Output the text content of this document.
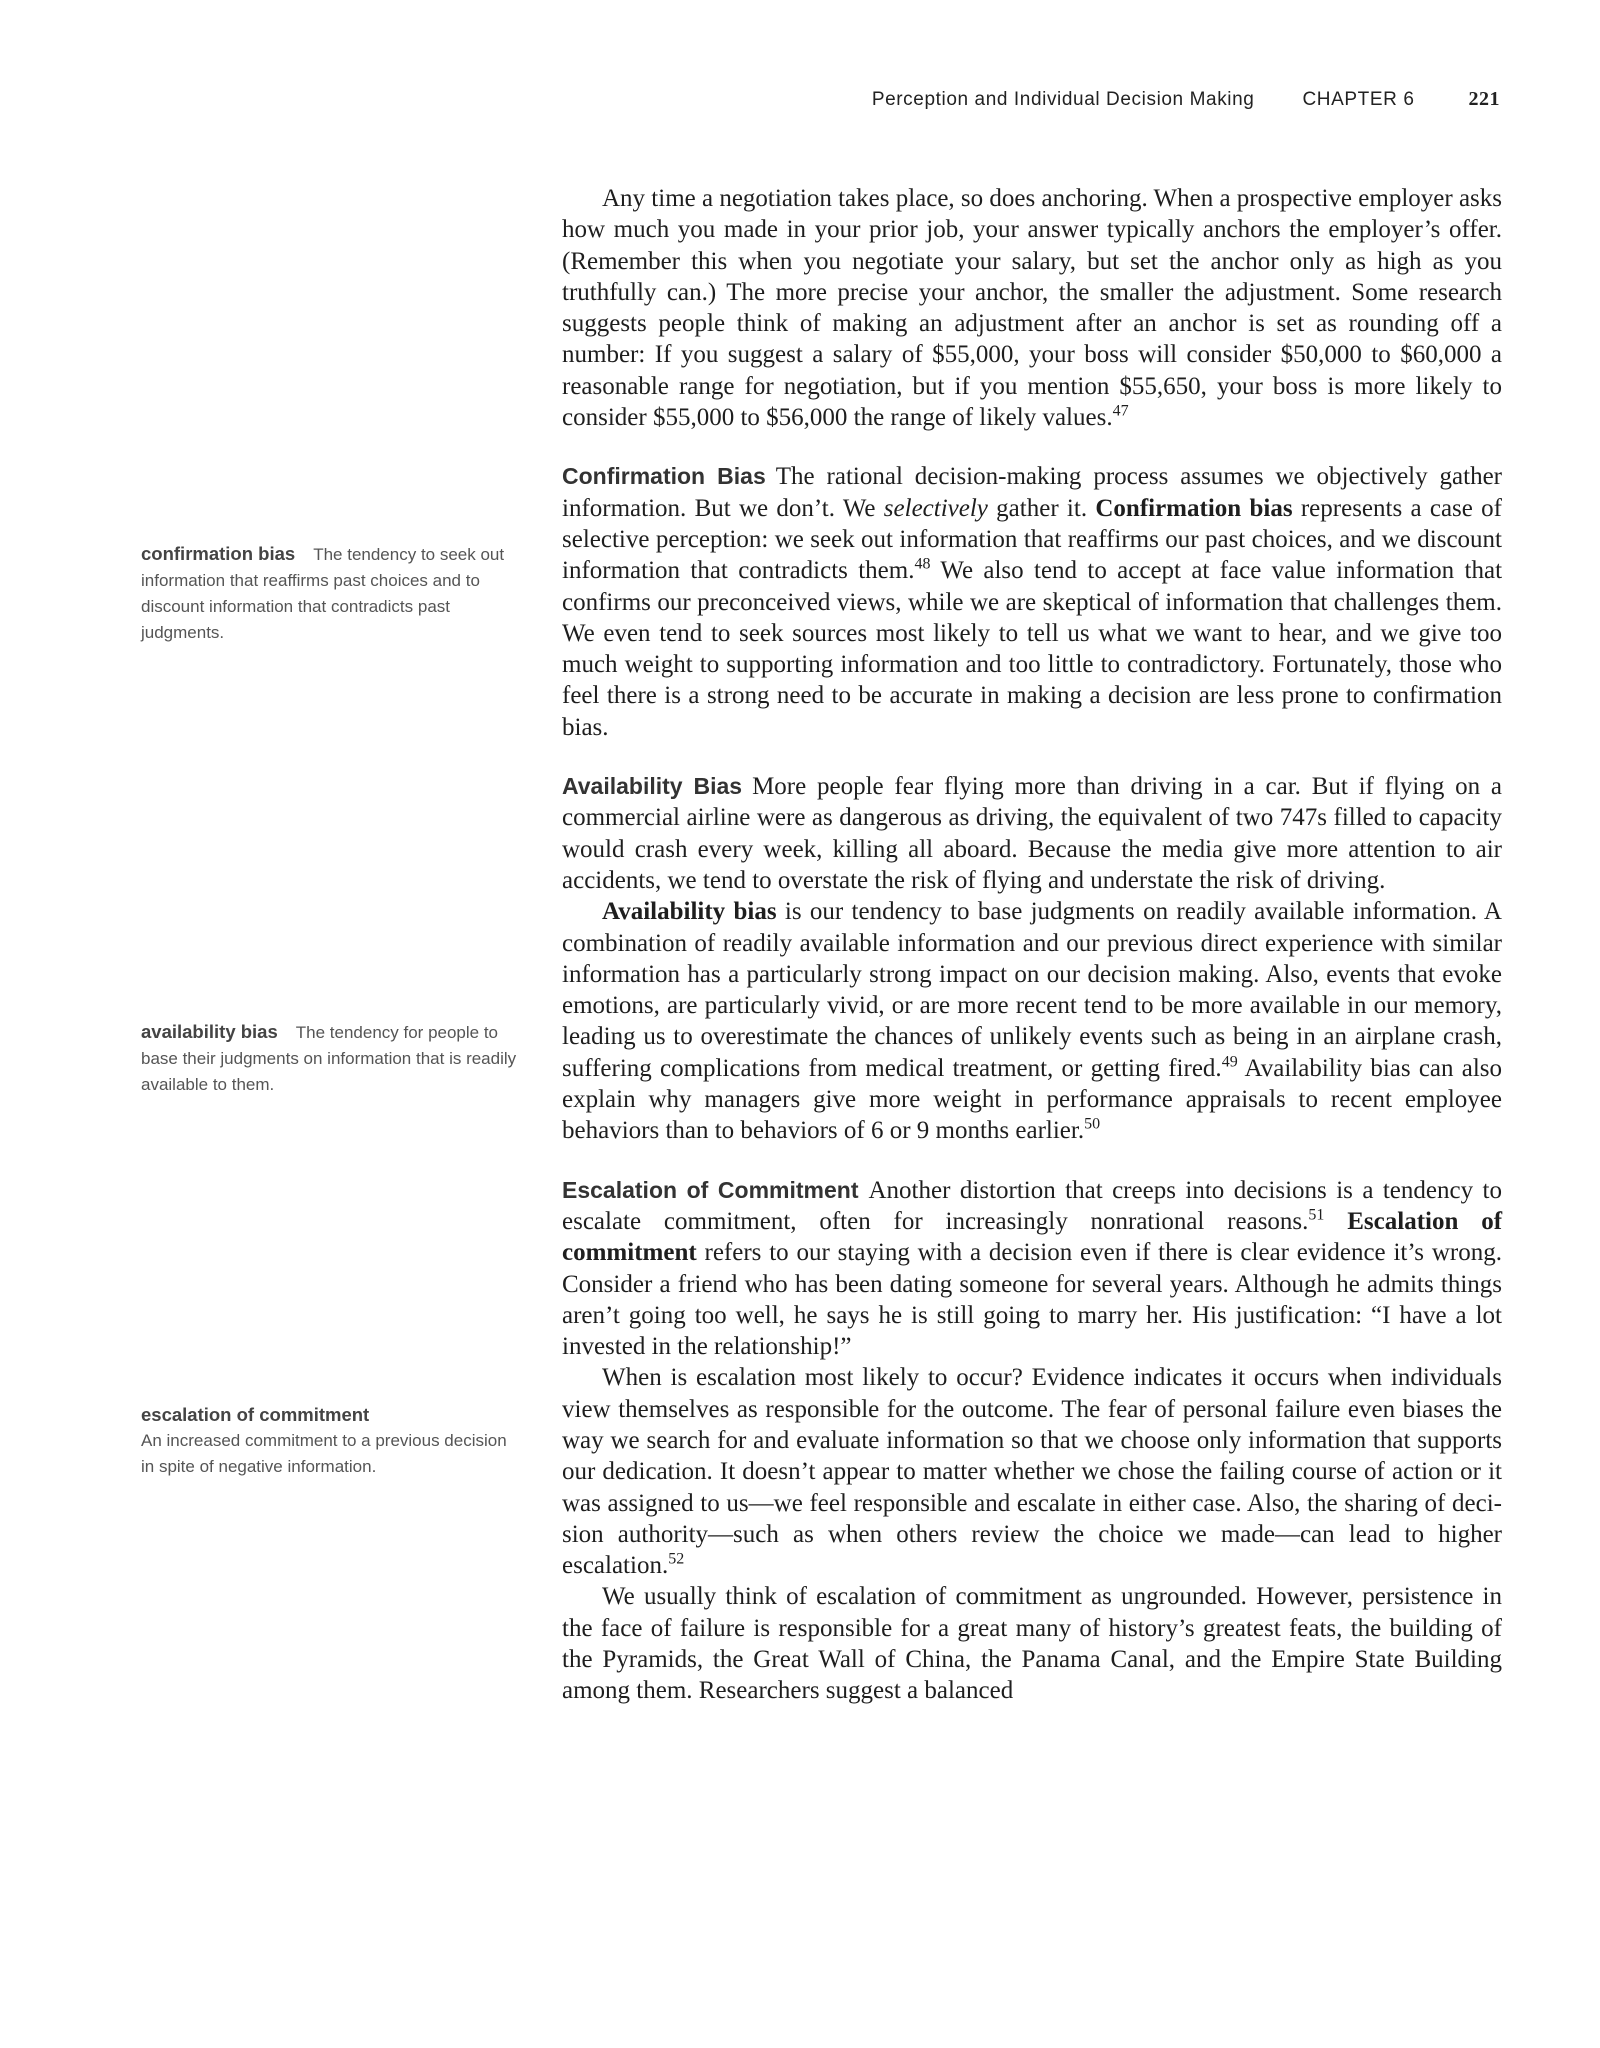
Perception and Individual Decision Making	CHAPTER 6	221
confirmation bias The tendency to seek out information that reaffirms past choices and to discount information that contradicts past judgments.
availability bias The tendency for people to base their judgments on information that is readily available to them.
escalation of commitment
An increased commitment to a previous decision in spite of negative information.

Any time a negotiation takes place, so does anchoring. When a prospective employer asks how much you made in your prior job, your answer typically anchors the employer’s offer. (Remember this when you negotiate your salary, but set the anchor only as high as you truthfully can.) The more precise your anchor, the smaller the adjustment. Some research suggests people think of making an adjustment after an anchor is set as rounding off a number: If you suggest a salary of $55,000, your boss will consider $50,000 to $60,000 a reasonable range for negotiation, but if you mention $55,650, your boss is more likely to consider $55,000 to $56,000 the range of likely values.$^{47}$

Confirmation Bias The rational decision-making process assumes we objectively gather information. But we don’t. We selectively gather it. Confirmation bias represents a case of selective perception: we seek out information that reaffirms our past choices, and we discount information that contradicts them.$^{48}$ We also tend to accept at face value information that confirms our preconceived views, while we are skeptical of information that challenges them. We even tend to seek sources most likely to tell us what we want to hear, and we give too much weight to supporting information and too little to contradictory. Fortunately, those who feel there is a strong need to be accurate in making a decision are less prone to confirmation bias.

Availability Bias More people fear flying more than driving in a car. But if flying on a commercial airline were as dangerous as driving, the equivalent of two 747s filled to capacity would crash every week, killing all aboard. Because the media give more attention to air accidents, we tend to overstate the risk of flying and understate the risk of driving.

Availability bias is our tendency to base judgments on readily available information. A combination of readily available information and our previous direct experience with similar information has a particularly strong impact on our decision making. Also, events that evoke emotions, are particularly vivid, or are more recent tend to be more available in our memory, leading us to overestimate the chances of unlikely events such as being in an airplane crash, suffering complications from medical treatment, or getting fired.$^{49}$ Availability bias can also explain why managers give more weight in performance appraisals to recent employee behaviors than to behaviors of 6 or 9 months earlier.$^{50}$

Escalation of Commitment Another distortion that creeps into decisions is a tendency to escalate commitment, often for increasingly nonrational reasons.$^{51}$ Escalation of commitment refers to our staying with a decision even if there is clear evidence it’s wrong. Consider a friend who has been dating someone for several years. Although he admits things aren’t going too well, he says he is still going to marry her. His justification: “I have a lot invested in the relationship!”

When is escalation most likely to occur? Evidence indicates it occurs when individuals view themselves as responsible for the outcome. The fear of personal failure even biases the way we search for and evaluate information so that we choose only information that supports our dedication. It doesn’t appear to matter whether we chose the failing course of action or it was assigned to us—we feel responsible and escalate in either case. Also, the sharing of decision authority—such as when others review the choice we made—can lead to higher escalation.$^{52}$

We usually think of escalation of commitment as ungrounded. However, persistence in the face of failure is responsible for a great many of history’s greatest feats, the building of the Pyramids, the Great Wall of China, the Panama Canal, and the Empire State Building among them. Researchers suggest a balanced
